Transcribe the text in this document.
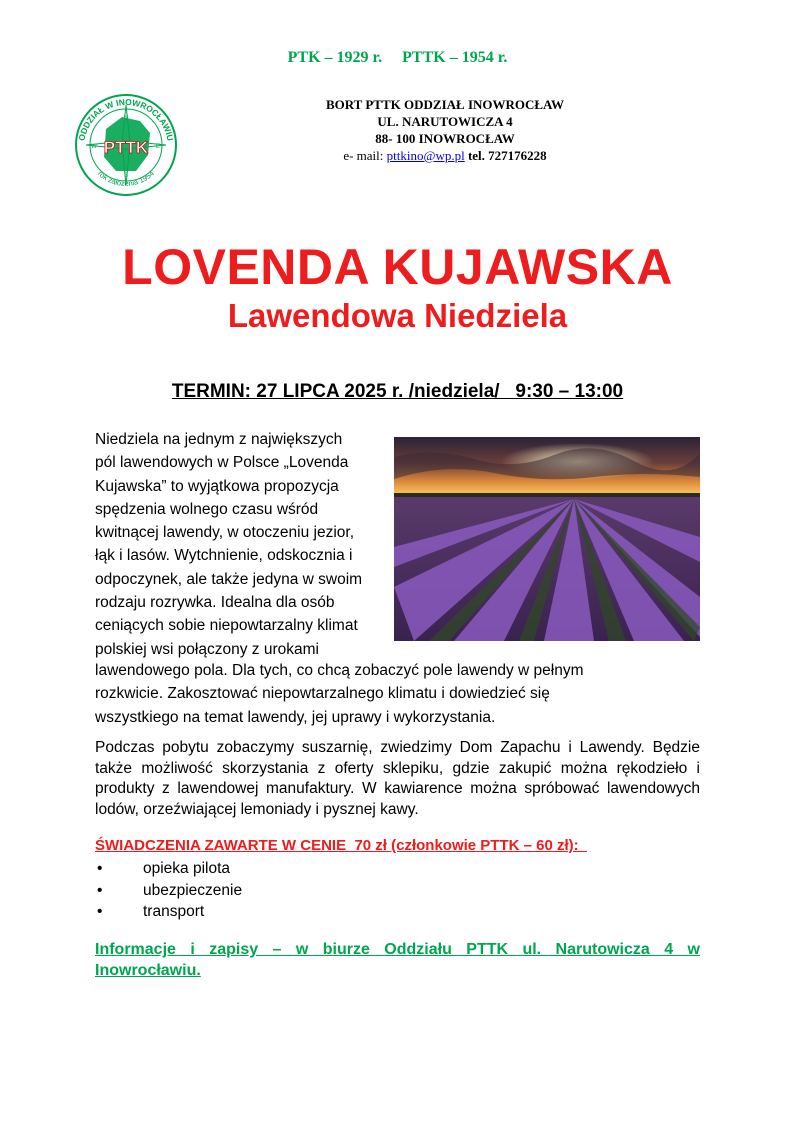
PTK – 1929 r. PTTK – 1954 r.
ODDZIAŁ W INOWROCŁAWIU
rok założenia 1954
PTTK
N
S
W	E
BORT PTTK ODDZIAŁ INOWROCŁAW
UL. NARUTOWICZA 4
88- 100 INOWROCŁAW
e- mail: pttkino@wp.pl tel. 727176228
LOVENDA KUJAWSKA
Lawendowa Niedziela
TERMIN: 27 LIPCA 2025 r. /niedziela/   9:30 – 13:00
Niedziela na jednym z największych
pól lawendowych w Polsce „Lovenda
Kujawska” to wyjątkowa propozycja
spędzenia wolnego czasu wśród
kwitnącej lawendy, w otoczeniu jezior,
łąk i lasów. Wytchnienie, odskocznia i
odpoczynek, ale także jedyna w swoim
rodzaju rozrywka. Idealna dla osób
ceniących sobie niepowtarzalny klimat
polskiej wsi połączony z urokami
lawendowego pola. Dla tych, co chcą zobaczyć pole lawendy w pełnym
rozkwicie. Zakosztować niepowtarzalnego klimatu i dowiedzieć się
wszystkiego na temat lawendy, jej uprawy i wykorzystania.
Podczas pobytu zobaczymy suszarnię, zwiedzimy Dom Zapachu i Lawendy. Będzie także możliwość skorzystania z oferty sklepiku, gdzie zakupić można rękodzieło i produkty z lawendowej manufaktury. W kawiarence można spróbować lawendowych lodów, orzeźwiającej lemoniady i pysznej kawy.
ŚWIADCZENIA ZAWARTE W CENIE  70 zł (członkowie PTTK – 60 zł):
• opieka pilota
• ubezpieczenie
• transport
Informacje i zapisy – w biurze Oddziału PTTK ul. Narutowicza 4 w Inowrocławiu.
